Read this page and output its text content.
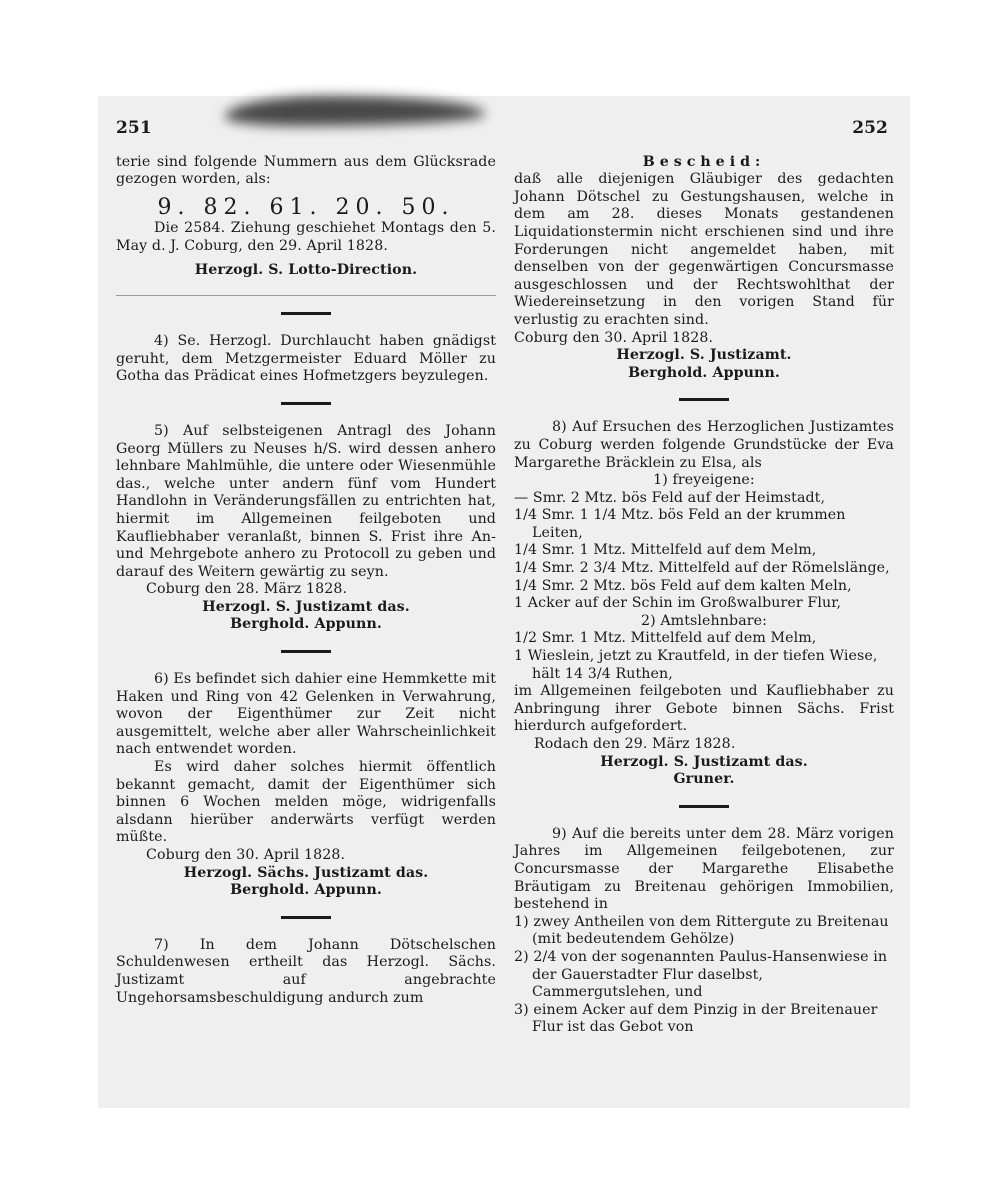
251

terie sind folgende Nummern aus dem Glücksrade gezogen worden, als:

9. 82. 61. 20. 50.

Die 2584. Ziehung geschiehet Montags den 5. May d. J. Coburg, den 29. April 1828.

Herzogl. S. Lotto-Direction.

4) Se. Herzogl. Durchlaucht haben gnädigst geruht, dem Metzgermeister Eduard Möller zu Gotha das Prädicat eines Hofmetzgers beyzulegen.

5) Auf selbsteigenen Antragl des Johann Georg Müllers zu Neuses h/S. wird dessen anhero lehnbare Mahlmühle, die untere oder Wiesenmühle das., welche unter andern fünf vom Hundert Handlohn in Veränderungsfällen zu entrichten hat, hiermit im Allgemeinen feilgeboten und Kaufliebhaber veranlaßt, binnen S. Frist ihre An- und Mehrgebote anhero zu Protocoll zu geben und darauf des Weitern gewärtig zu seyn.

Coburg den 28. März 1828.

Herzogl. S. Justizamt das.
Berghold. Appunn.

6) Es befindet sich dahier eine Hemmkette mit Haken und Ring von 42 Gelenken in Verwahrung, wovon der Eigenthümer zur Zeit nicht ausgemittelt, welche aber aller Wahrscheinlichkeit nach entwendet worden.

Es wird daher solches hiermit öffentlich bekannt gemacht, damit der Eigenthümer sich binnen 6 Wochen melden möge, widrigenfalls alsdann hierüber anderwärts verfügt werden müßte.

Coburg den 30. April 1828.

Herzogl. Sächs. Justizamt das.
Berghold. Appunn.

7) In dem Johann Dötschelschen Schuldenwesen ertheilt das Herzogl. Sächs. Justizamt auf angebrachte Ungehorsamsbeschuldigung andurch zum

252
Bescheid:

daß alle diejenigen Gläubiger des gedachten Johann Dötschel zu Gestungshausen, welche in dem am 28. dieses Monats gestandenen Liquidationstermin nicht erschienen sind und ihre Forderungen nicht angemeldet haben, mit denselben von der gegenwärtigen Concursmasse ausgeschlossen und der Rechtswohlthat der Wiedereinsetzung in den vorigen Stand für verlustig zu erachten sind.

Coburg den 30. April 1828.

Herzogl. S. Justizamt.
Berghold. Appunn.

8) Auf Ersuchen des Herzoglichen Justizamtes zu Coburg werden folgende Grundstücke der Eva Margarethe Bräcklein zu Elsa, als

1) freyeigene:

— Smr. 2 Mtz. bös Feld auf der Heimstadt,

1/4 Smr. 1 1/4 Mtz. bös Feld an der krummen Leiten,

1/4 Smr. 1 Mtz. Mittelfeld auf dem Melm,

1/4 Smr. 2 3/4 Mtz. Mittelfeld auf der Römelslänge,

1/4 Smr. 2 Mtz. bös Feld auf dem kalten Meln,

1 Acker auf der Schin im Großwalburer Flur,

2) Amtslehnbare:

1/2 Smr. 1 Mtz. Mittelfeld auf dem Melm,

1 Wieslein, jetzt zu Krautfeld, in der tiefen Wiese, hält 14 3/4 Ruthen,

im Allgemeinen feilgeboten und Kaufliebhaber zu Anbringung ihrer Gebote binnen Sächs. Frist hierdurch aufgefordert.

Rodach den 29. März 1828.

Herzogl. S. Justizamt das.
Gruner.

9) Auf die bereits unter dem 28. März vorigen Jahres im Allgemeinen feilgebotenen, zur Concursmasse der Margarethe Elisabethe Bräutigam zu Breitenau gehörigen Immobilien, bestehend in

1) zwey Antheilen von dem Rittergute zu Breitenau (mit bedeutendem Gehölze)

2) 2/4 von der sogenannten Paulus-Hansenwiese in der Gauerstadter Flur daselbst, Cammergutslehen, und

3) einem Acker auf dem Pinzig in der Breitenauer Flur ist das Gebot von
